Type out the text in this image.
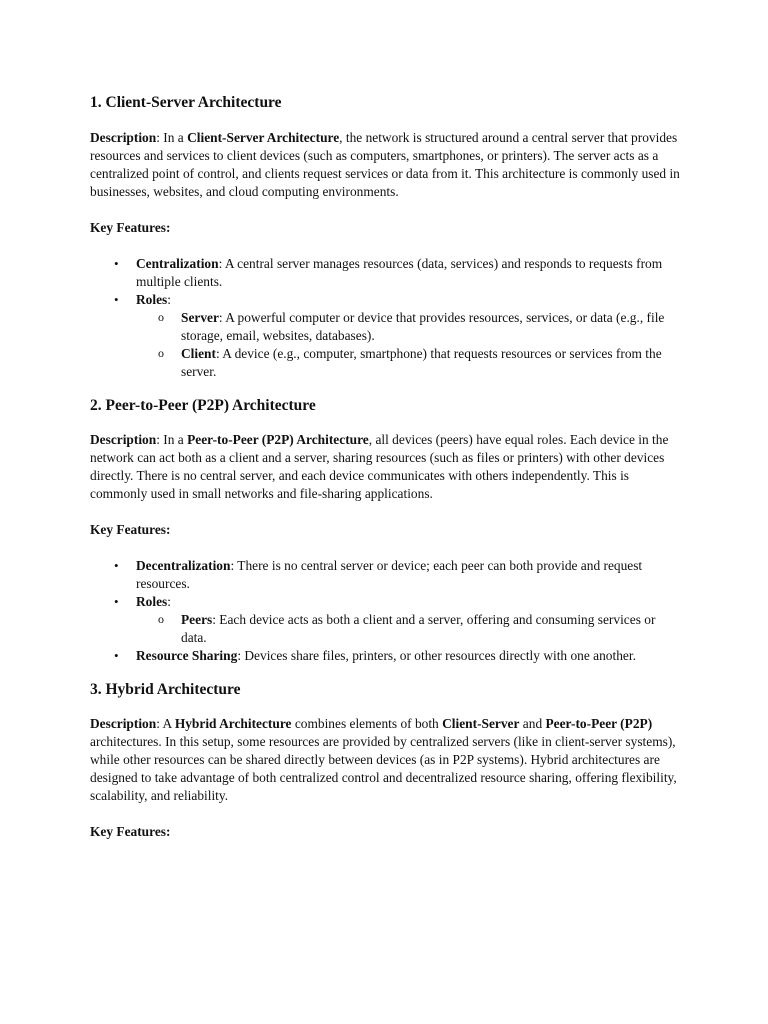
1. Client-Server Architecture

Description: In a Client-Server Architecture, the network is structured around a central server that provides resources and services to client devices (such as computers, smartphones, or printers). The server acts as a centralized point of control, and clients request services or data from it. This architecture is commonly used in businesses, websites, and cloud computing environments.

Key Features:

• Centralization: A central server manages resources (data, services) and responds to requests from multiple clients.
• Roles:
o Server: A powerful computer or device that provides resources, services, or data (e.g., file storage, email, websites, databases).
o Client: A device (e.g., computer, smartphone) that requests resources or services from the server.
2. Peer-to-Peer (P2P) Architecture

Description: In a Peer-to-Peer (P2P) Architecture, all devices (peers) have equal roles. Each device in the network can act both as a client and a server, sharing resources (such as files or printers) with other devices directly. There is no central server, and each device communicates with others independently. This is commonly used in small networks and file-sharing applications.

Key Features:

• Decentralization: There is no central server or device; each peer can both provide and request resources.
• Roles:
o Peers: Each device acts as both a client and a server, offering and consuming services or data.
• Resource Sharing: Devices share files, printers, or other resources directly with one another.
3. Hybrid Architecture

Description: A Hybrid Architecture combines elements of both Client-Server and Peer-to-Peer (P2P) architectures. In this setup, some resources are provided by centralized servers (like in client-server systems), while other resources can be shared directly between devices (as in P2P systems). Hybrid architectures are designed to take advantage of both centralized control and decentralized resource sharing, offering flexibility, scalability, and reliability.

Key Features:
